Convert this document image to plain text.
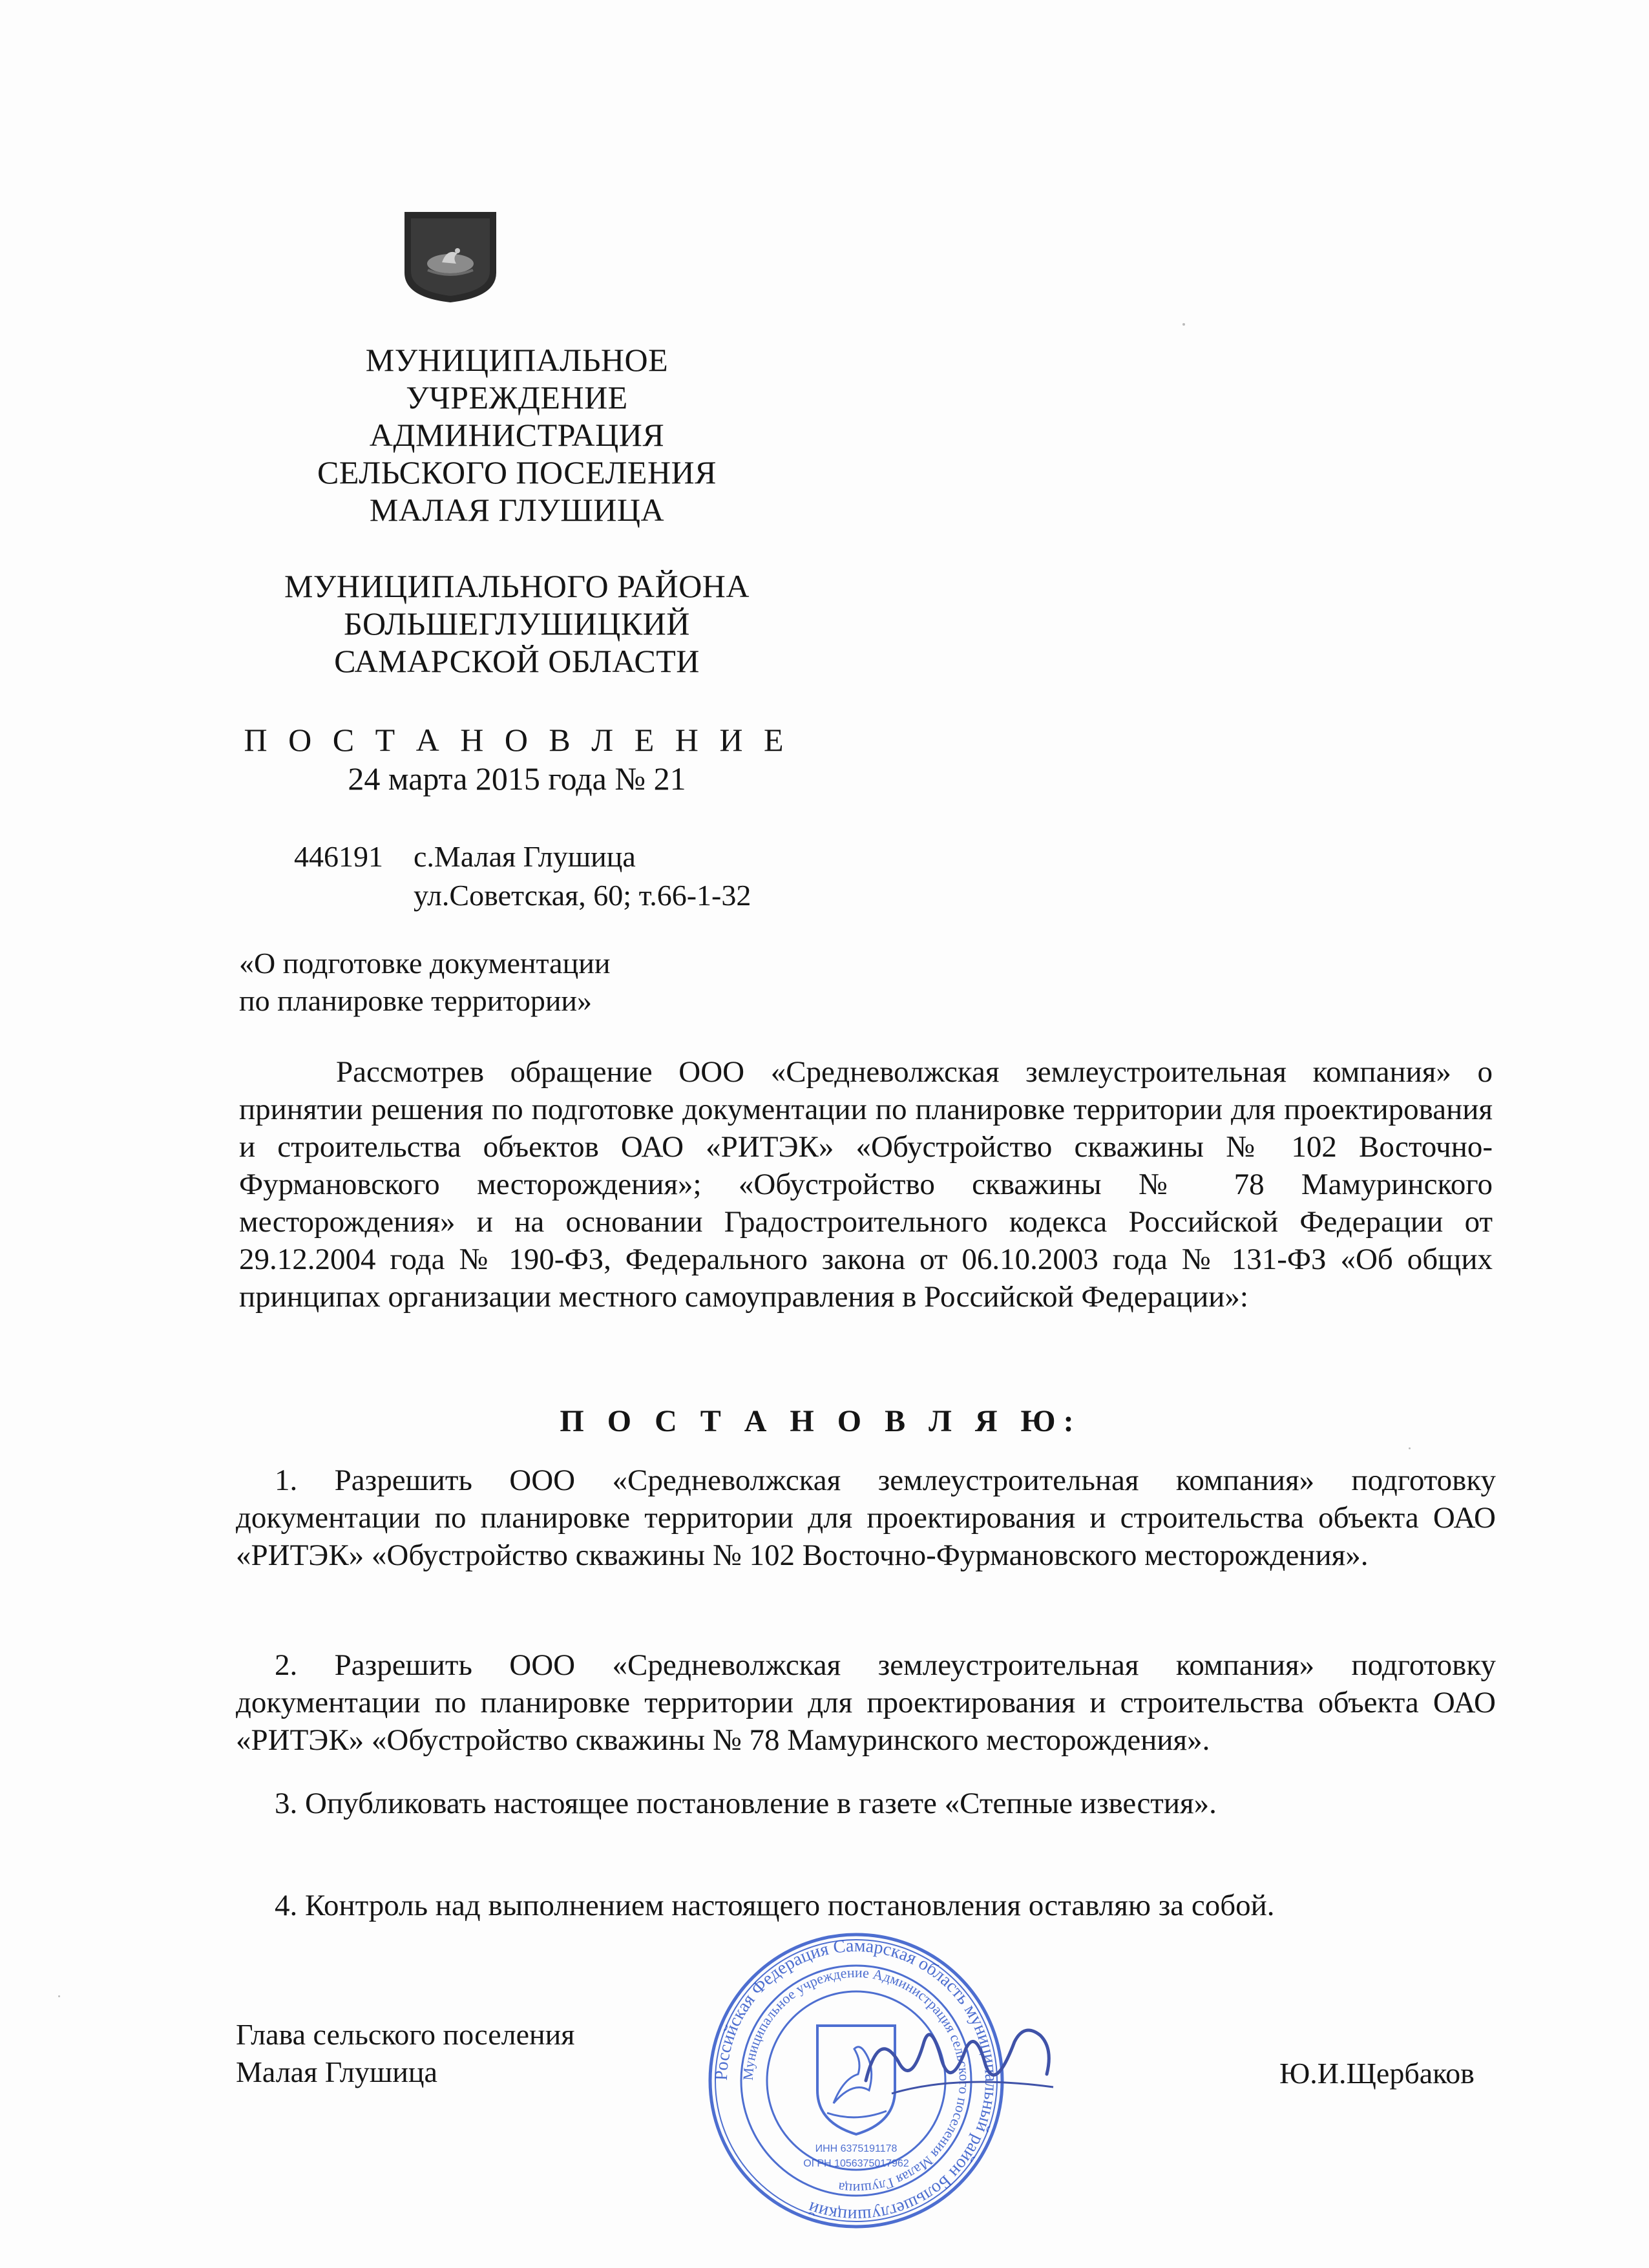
МУНИЦИПАЛЬНОЕ
УЧРЕЖДЕНИЕ
АДМИНИСТРАЦИЯ
СЕЛЬСКОГО ПОСЕЛЕНИЯ
МАЛАЯ ГЛУШИЦА
МУНИЦИПАЛЬНОГО РАЙОНА
БОЛЬШЕГЛУШИЦКИЙ
САМАРСКОЙ ОБЛАСТИ
П О С Т А Н О В Л Е Н И Е
24 марта 2015 года № 21
446191 с.Малая Глушица
ул.Советская, 60; т.66-1-32
«О подготовке документации
по планировке территории»
Рассмотрев обращение ООО «Средневолжская землеустроительная компания» о принятии решения по подготовке документации по планировке территории для проектирования и строительства объектов ОАО «РИТЭК» «Обустройство скважины № 102 Восточно-Фурмановского месторождения»; «Обустройство скважины № 78 Мамуринского месторождения» и на основании Градостроительного кодекса Российской Федерации от 29.12.2004 года № 190-ФЗ, Федерального закона от 06.10.2003 года № 131-ФЗ «Об общих принципах организации местного самоуправления в Российской Федерации»:
П О С Т А Н О В Л Я Ю:
1. Разрешить ООО «Средневолжская землеустроительная компания» подготовку документации по планировке территории для проектирования и строительства объекта ОАО «РИТЭК» «Обустройство скважины № 102 Восточно-Фурмановского месторождения».
2. Разрешить ООО «Средневолжская землеустроительная компания» подготовку документации по планировке территории для проектирования и строительства объекта ОАО «РИТЭК» «Обустройство скважины № 78 Мамуринского месторождения».
3. Опубликовать настоящее постановление в газете «Степные известия».
4. Контроль над выполнением настоящего постановления оставляю за собой.
Российская Федерация Самарская область муниципальный район Большеглушицкий
Муниципальное учреждение Администрация сельского поселения Малая Глушица
ИНН 6375191178
ОГРН 1056375017962
Глава сельского поселения
Малая Глушица	Ю.И.Щербаков
